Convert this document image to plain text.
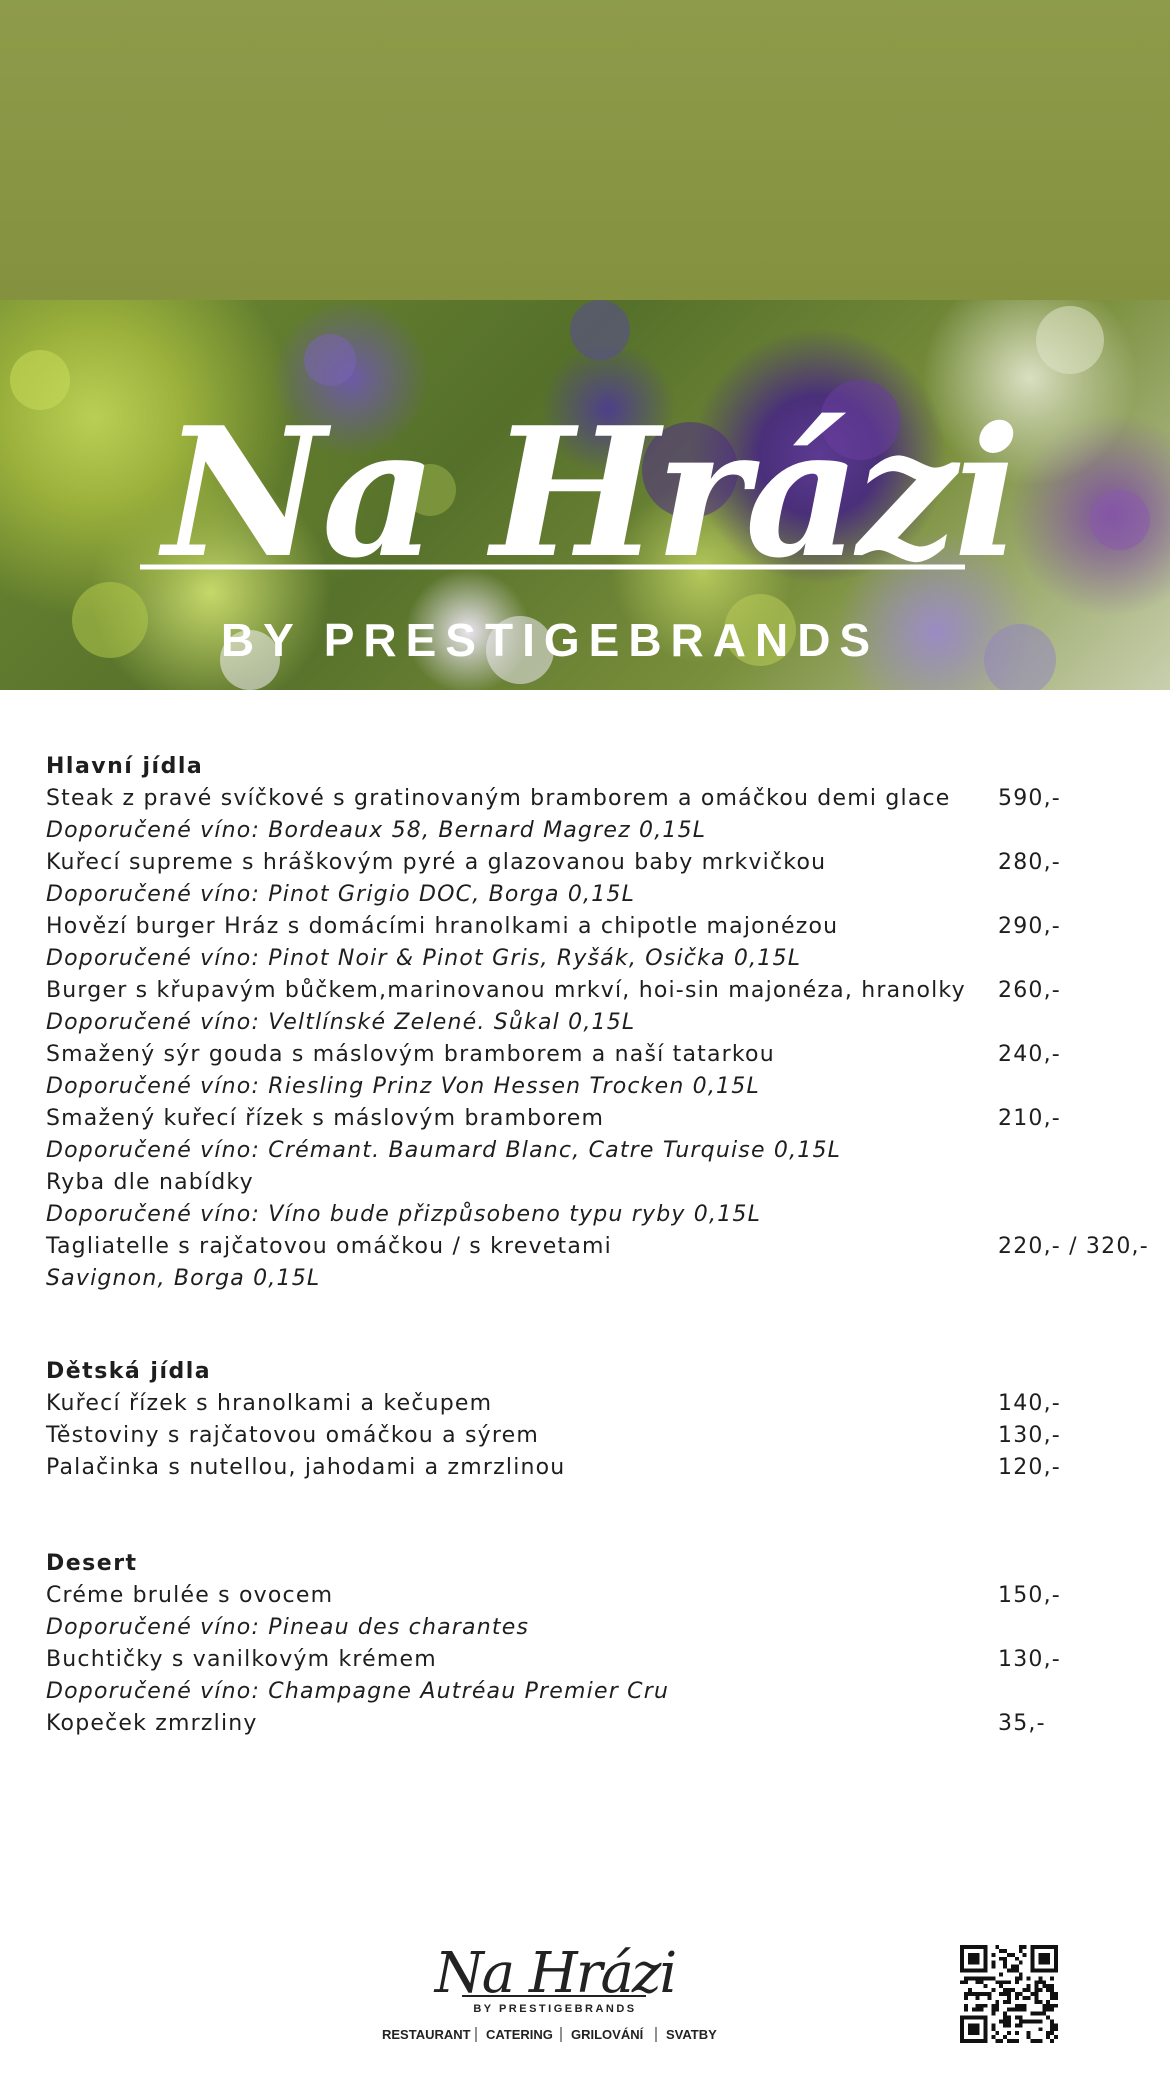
Na Hrázi
BY PRESTIGEBRANDS
Hlavní jídla
Steak z pravé svíčkové s gratinovaným bramborem a omáčkou demi glace 590,-
Doporučené víno: Bordeaux 58, Bernard Magrez 0,15L
Kuřecí supreme s hráškovým pyré a glazovanou baby mrkvičkou	280,-
Doporučené víno: Pinot Grigio DOC, Borga 0,15L
Hovězí burger Hráz s domácími hranolkami a chipotle majonézou	290,-
Doporučené víno: Pinot Noir & Pinot Gris, Ryšák, Osička 0,15L
Burger s křupavým bůčkem,marinovanou mrkví, hoi-sin majonéza, hranolky 260,-
Doporučené víno: Veltlínské Zelené. Sůkal 0,15L
Smažený sýr gouda s máslovým bramborem a naší tatarkou	240,-
Doporučené víno: Riesling Prinz Von Hessen Trocken 0,15L
Smažený kuřecí řízek s máslovým bramborem	210,-
Doporučené víno: Crémant. Baumard Blanc, Catre Turquise 0,15L
Ryba dle nabídky
Doporučené víno: Víno bude přizpůsobeno typu ryby 0,15L
Tagliatelle s rajčatovou omáčkou / s krevetami	220,- / 320,-
Savignon, Borga 0,15L
Dětská jídla
Kuřecí řízek s hranolkami a kečupem	140,-
Těstoviny s rajčatovou omáčkou a sýrem	130,-
Palačinka s nutellou, jahodami a zmrzlinou	120,-
Desert
Créme brulée s ovocem	150,-
Doporučené víno: Pineau des charantes
Buchtičky s vanilkovým krémem	130,-
Doporučené víno: Champagne Autréau Premier Cru
Kopeček zmrzliny	35,-
Na Hrázi
BY PRESTIGEBRANDS
RESTAURANT CATERING GRILOVÁNÍ SVATBY
